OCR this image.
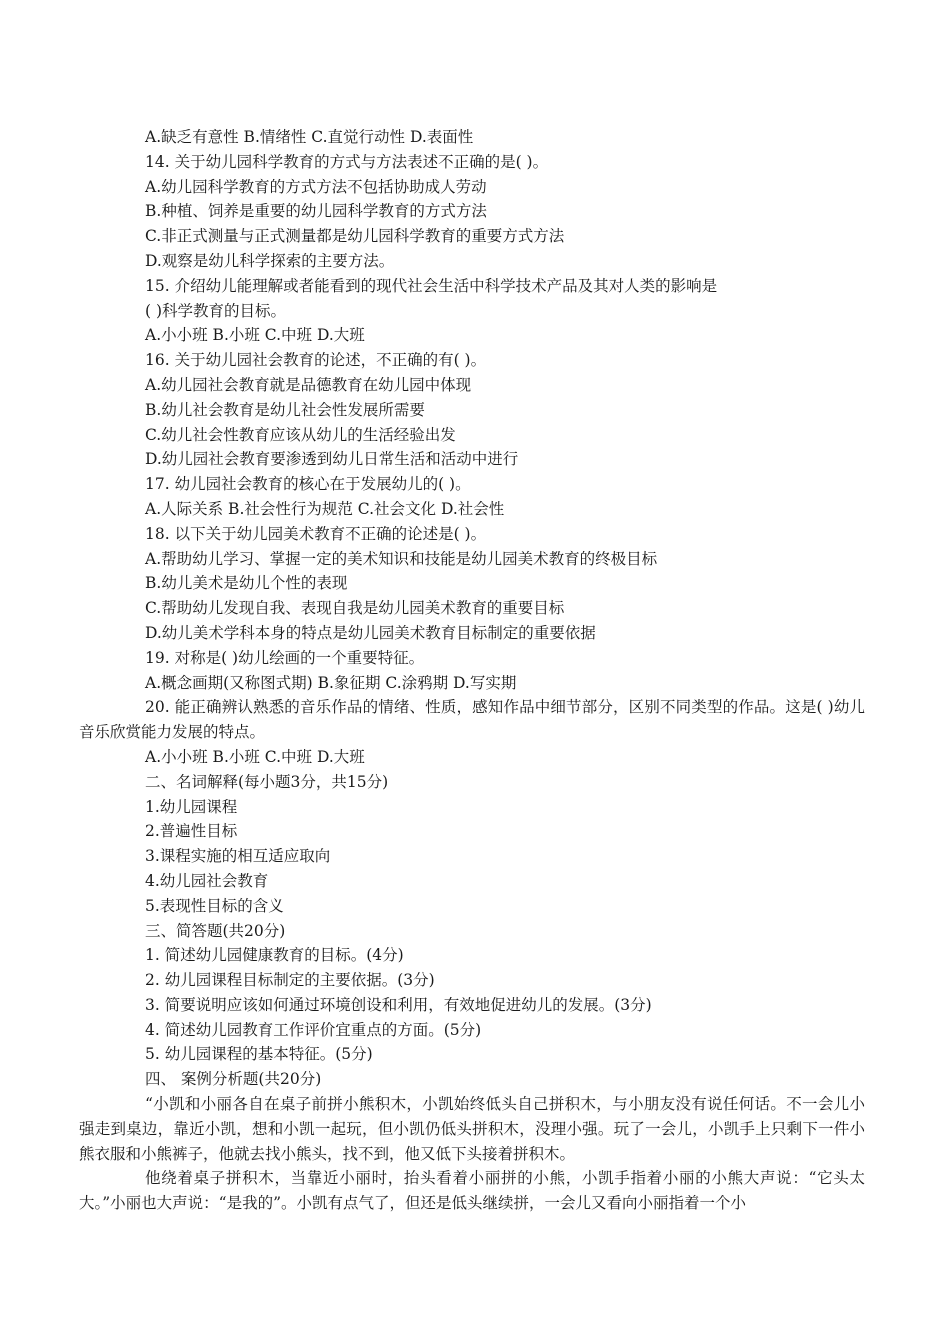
A.缺乏有意性 B.情绪性 C.直觉行动性 D.表面性
14. 关于幼儿园科学教育的方式与方法表述不正确的是( )。
A.幼儿园科学教育的方式方法不包括协助成人劳动
B.种植、饲养是重要的幼儿园科学教育的方式方法
C.非正式测量与正式测量都是幼儿园科学教育的重要方式方法
D.观察是幼儿科学探索的主要方法。
15. 介绍幼儿能理解或者能看到的现代社会生活中科学技术产品及其对人类的影响是
( )科学教育的目标。
A.小小班 B.小班 C.中班 D.大班
16. 关于幼儿园社会教育的论述，不正确的有( )。
A.幼儿园社会教育就是品德教育在幼儿园中体现
B.幼儿社会教育是幼儿社会性发展所需要
C.幼儿社会性教育应该从幼儿的生活经验出发
D.幼儿园社会教育要渗透到幼儿日常生活和活动中进行
17. 幼儿园社会教育的核心在于发展幼儿的( )。
A.人际关系 B.社会性行为规范 C.社会文化 D.社会性
18. 以下关于幼儿园美术教育不正确的论述是( )。
A.帮助幼儿学习、掌握一定的美术知识和技能是幼儿园美术教育的终极目标
B.幼儿美术是幼儿个性的表现
C.帮助幼儿发现自我、表现自我是幼儿园美术教育的重要目标
D.幼儿美术学科本身的特点是幼儿园美术教育目标制定的重要依据
19. 对称是( )幼儿绘画的一个重要特征。
A.概念画期(又称图式期) B.象征期 C.涂鸦期 D.写实期
20. 能正确辨认熟悉的音乐作品的情绪、性质，感知作品中细节部分，区别不同类型的作品。这是( )幼儿音乐欣赏能力发展的特点。
A.小小班 B.小班 C.中班 D.大班
二、名词解释(每小题3分，共15分)
1.幼儿园课程
2.普遍性目标
3.课程实施的相互适应取向
4.幼儿园社会教育
5.表现性目标的含义
三、简答题(共20分)
1. 简述幼儿园健康教育的目标。(4分)
2. 幼儿园课程目标制定的主要依据。(3分)
3. 简要说明应该如何通过环境创设和利用，有效地促进幼儿的发展。(3分)
4. 简述幼儿园教育工作评价宜重点的方面。(5分)
5. 幼儿园课程的基本特征。(5分)
四、 案例分析题(共20分)
“小凯和小丽各自在桌子前拼小熊积木，小凯始终低头自己拼积木，与小朋友没有说任何话。不一会儿小强走到桌边，靠近小凯，想和小凯一起玩，但小凯仍低头拼积木，没理小强。玩了一会儿，小凯手上只剩下一件小熊衣服和小熊裤子，他就去找小熊头，找不到，他又低下头接着拼积木。
他绕着桌子拼积木，当靠近小丽时，抬头看着小丽拼的小熊，小凯手指着小丽的小熊大声说：“它头太大。”小丽也大声说：“是我的”。小凯有点气了，但还是低头继续拼，一会儿又看向小丽指着一个小
